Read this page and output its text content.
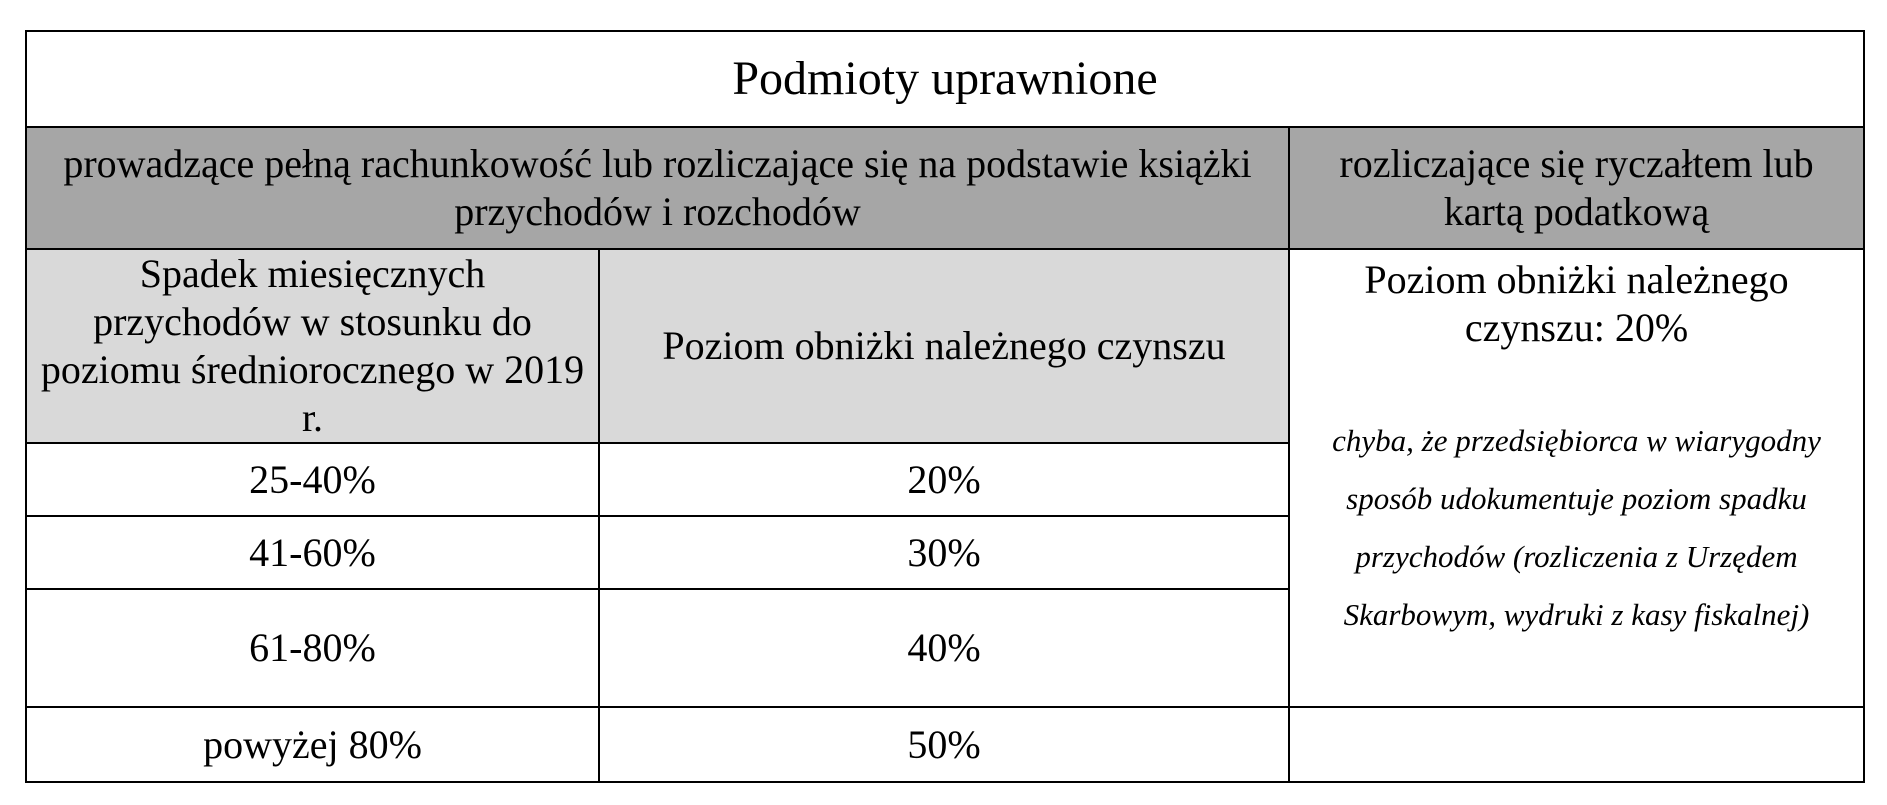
Podmioty uprawnione		
prowadzące pełną rachunkowość lub rozliczające się na podstawie książki przychodów i rozchodów		rozliczające się ryczałtem lub kartą podatkową
Spadek miesięcznych przychodów w stosunku do poziomu średniorocznego w 2019 r.	Poziom obniżki należnego czynszu	Poziom obniżki należnego czynszu: 20%
chyba, że przedsiębiorca w wiarygodny sposób udokumentuje poziom spadku przychodów (rozliczenia z Urzędem Skarbowym, wydruki z kasy fiskalnej)

25-40%	20%	
41-60%	30%	
61-80%	40%	
powyżej 80%	50%	
